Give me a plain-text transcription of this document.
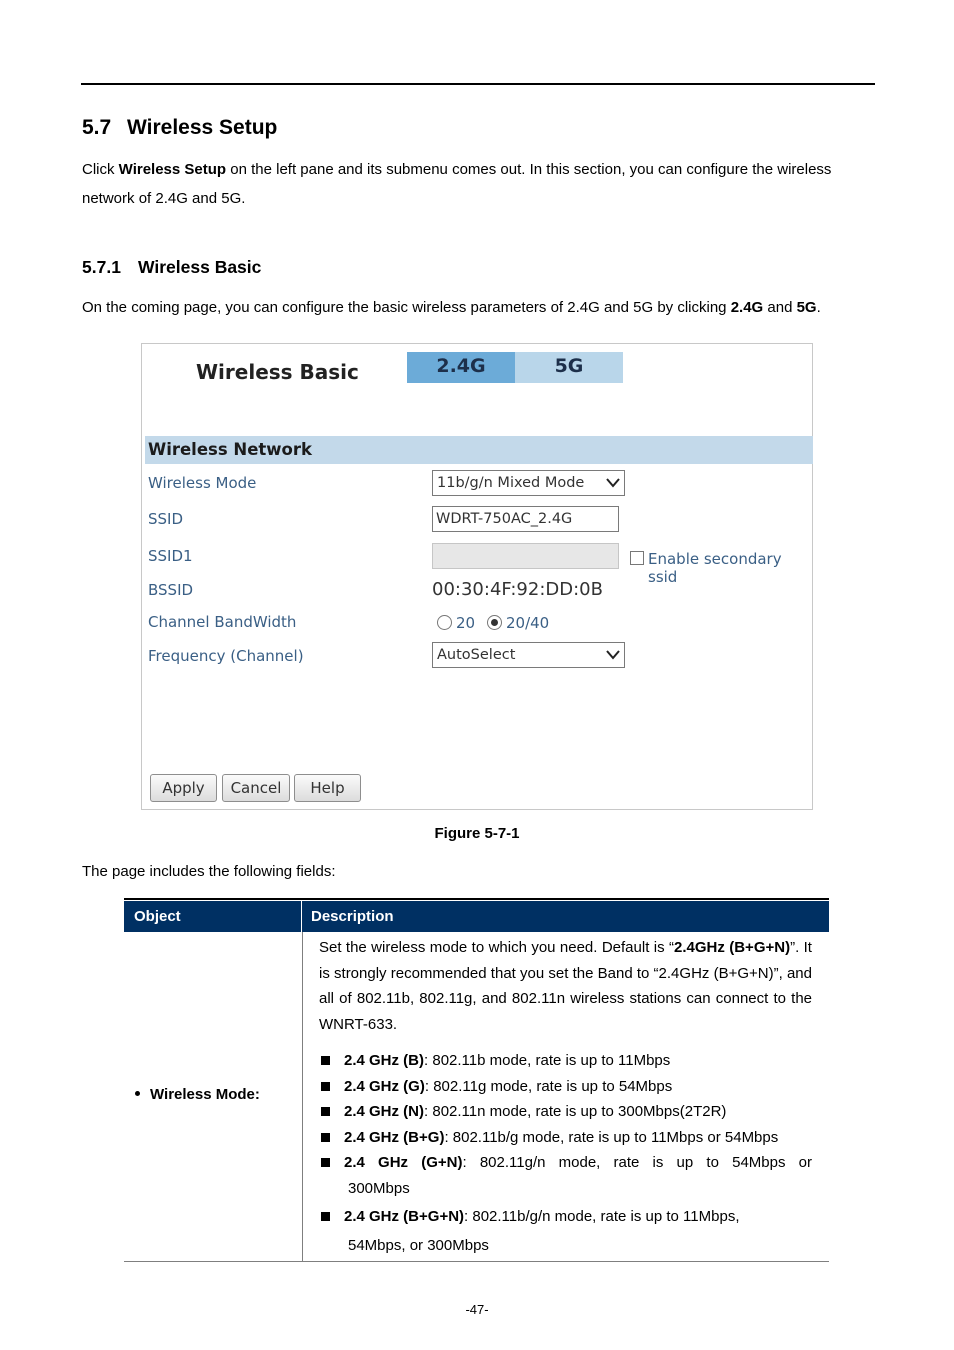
5.7 Wireless Setup

Click Wireless Setup on the left pane and its submenu comes out. In this section, you can configure the wireless network of 2.4G and 5G.

5.7.1 Wireless Basic

On the coming page, you can configure the basic wireless parameters of 2.4G and 5G by clicking 2.4G and 5G.

Wireless Basic	2.4G	5G
Wireless Network
Wireless Mode	11b/g/n Mixed Mode
SSID	WDRT-750AC_2.4G
SSID1	Enable secondary ssid
BSSID	00:30:4F:92:DD:0B
Channel BandWidth	20 20/40
Frequency (Channel)	AutoSelect
Apply	Cancel	Help
Figure 5-7-1

The page includes the following fields:

Object	Description
Wireless Mode:

Set the wireless mode to which you need. Default is “2.4GHz (B+G+N)”. It is strongly recommended that you set the Band to “2.4GHz (B+G+N)”, and all of 802.11b, 802.11g, and 802.11n wireless stations can connect to the WNRT-633.

2.4 GHz (B): 802.11b mode, rate is up to 11Mbps
2.4 GHz (G): 802.11g mode, rate is up to 54Mbps
2.4 GHz (N): 802.11n mode, rate is up to 300Mbps(2T2R)
2.4 GHz (B+G): 802.11b/g mode, rate is up to 11Mbps or 54Mbps
2.4 GHz (G+N): 802.11g/n mode, rate is up to 54Mbps or
300Mbps
2.4 GHz (B+G+N): 802.11b/g/n mode, rate is up to 11Mbps,
54Mbps, or 300Mbps
-47-
